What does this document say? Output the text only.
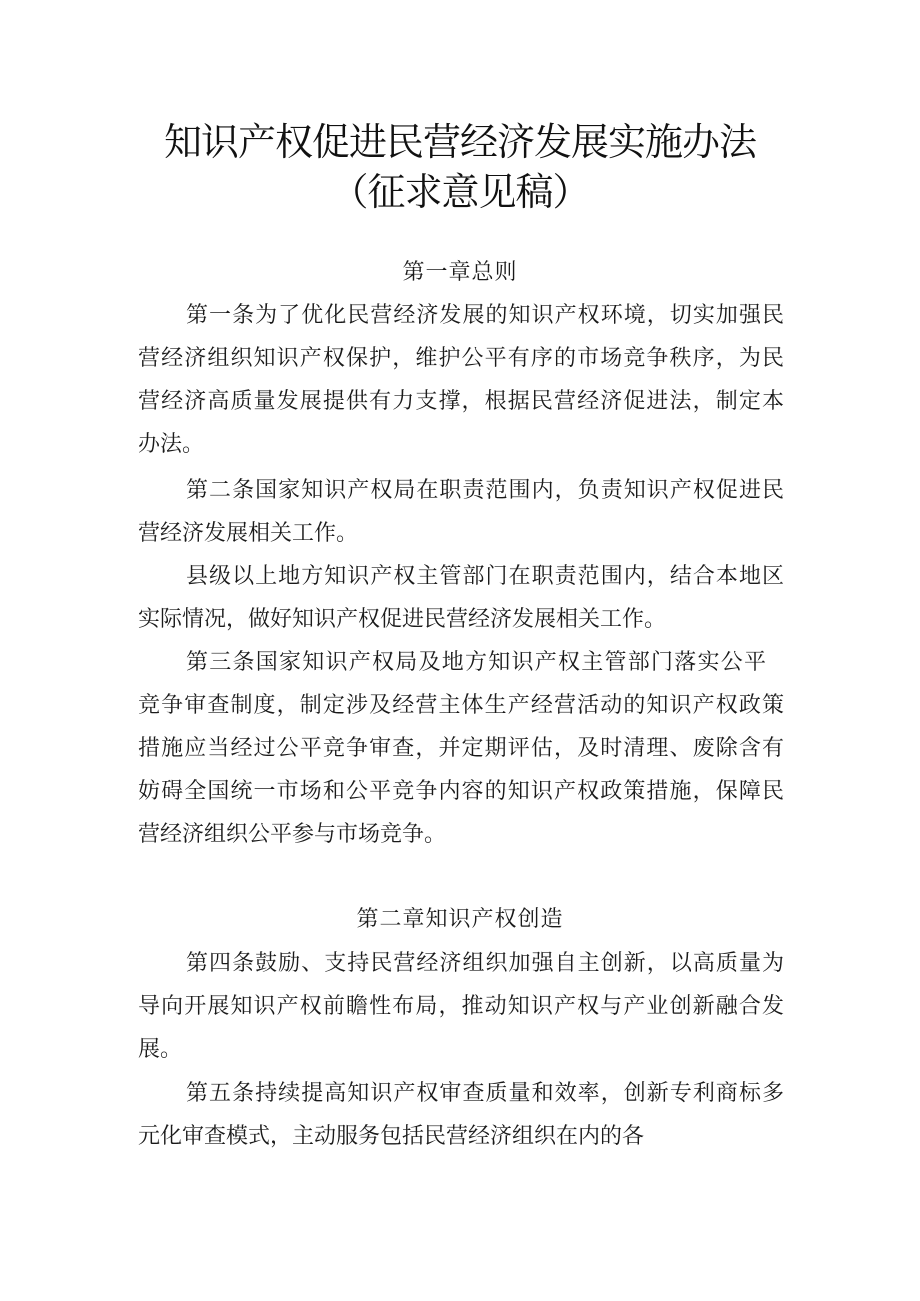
知识产权促进民营经济发展实施办法
（征求意见稿）
第一章总则
第一条为了优化民营经济发展的知识产权环境，切实加强民
营经济组织知识产权保护，维护公平有序的市场竞争秩序，为民
营经济高质量发展提供有力支撑，根据民营经济促进法，制定本
办法。
第二条国家知识产权局在职责范围内，负责知识产权促进民
营经济发展相关工作。
县级以上地方知识产权主管部门在职责范围内，结合本地区
实际情况，做好知识产权促进民营经济发展相关工作。
第三条国家知识产权局及地方知识产权主管部门落实公平
竞争审查制度，制定涉及经营主体生产经营活动的知识产权政策
措施应当经过公平竞争审查，并定期评估，及时清理、废除含有
妨碍全国统一市场和公平竞争内容的知识产权政策措施，保障民
营经济组织公平参与市场竞争。
第二章知识产权创造
第四条鼓励、支持民营经济组织加强自主创新，以高质量为
导向开展知识产权前瞻性布局，推动知识产权与产业创新融合发
展。
第五条持续提高知识产权审查质量和效率，创新专利商标多
元化审查模式，主动服务包括民营经济组织在内的各
